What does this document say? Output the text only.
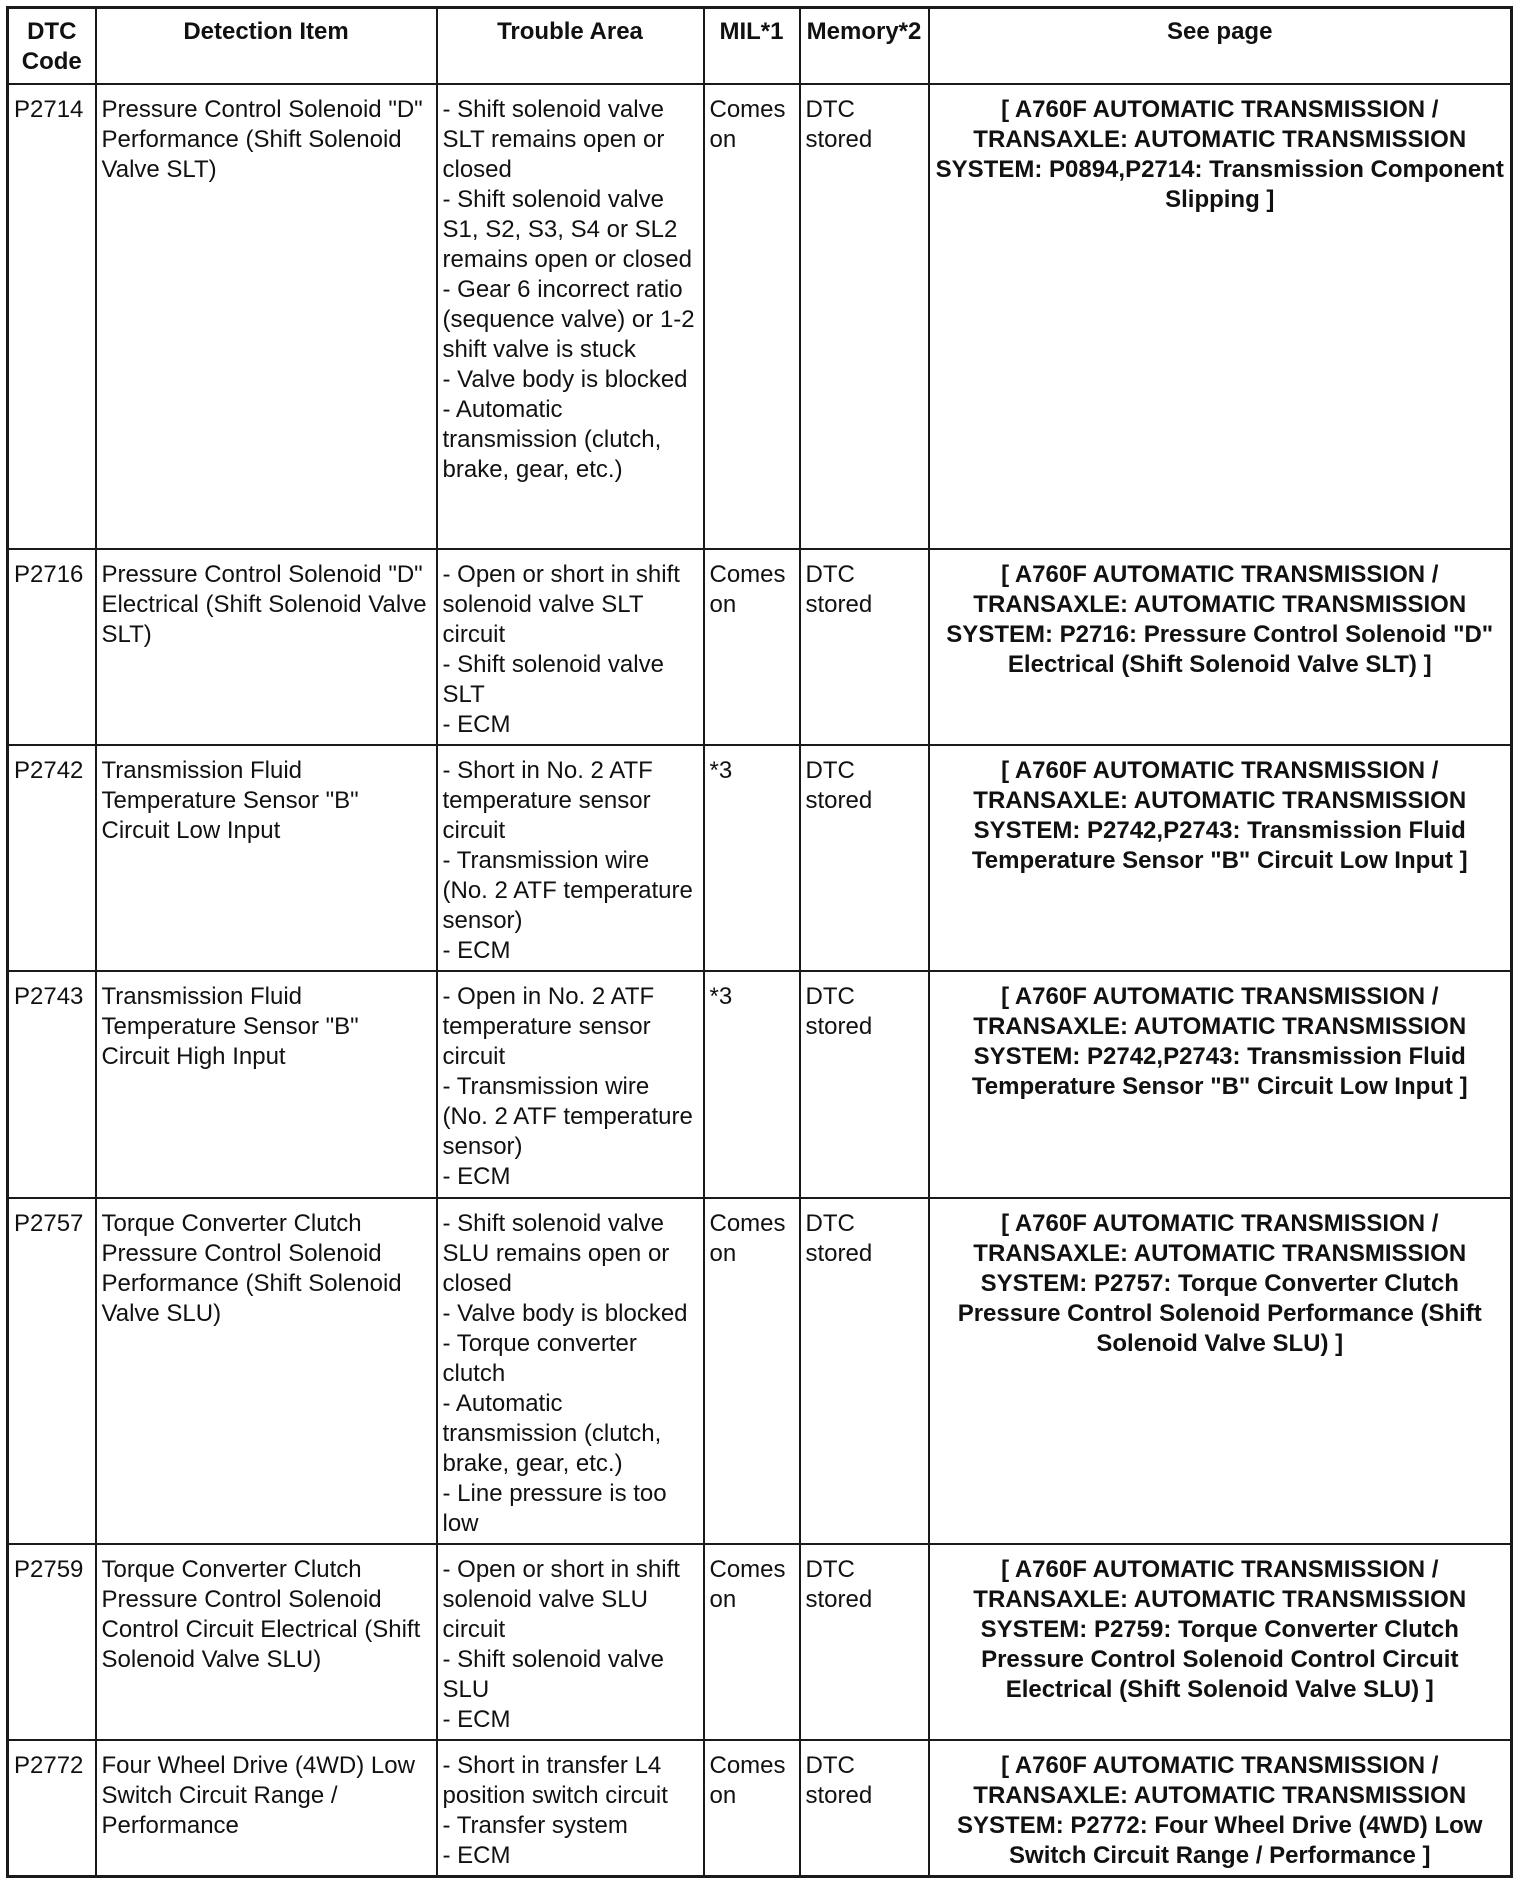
DTC Code	Detection Item	Trouble Area	MIL*1	Memory*2	See page
P2714	Pressure Control Solenoid "D" Performance (Shift Solenoid Valve SLT)	- Shift solenoid valve SLT remains open or closed
- Shift solenoid valve S1, S2, S3, S4 or SL2 remains open or closed
- Gear 6 incorrect ratio (sequence valve) or 1-2 shift valve is stuck
- Valve body is blocked
- Automatic transmission (clutch, brake, gear, etc.)	Comes on	DTC stored	[ A760F AUTOMATIC TRANSMISSION / TRANSAXLE: AUTOMATIC TRANSMISSION SYSTEM: P0894,P2714: Transmission Component Slipping ]
P2716	Pressure Control Solenoid "D" Electrical (Shift Solenoid Valve SLT)	- Open or short in shift solenoid valve SLT circuit
- Shift solenoid valve SLT
- ECM	Comes on	DTC stored	[ A760F AUTOMATIC TRANSMISSION / TRANSAXLE: AUTOMATIC TRANSMISSION SYSTEM: P2716: Pressure Control Solenoid "D" Electrical (Shift Solenoid Valve SLT) ]
P2742	Transmission Fluid Temperature Sensor "B" Circuit Low Input	- Short in No. 2 ATF temperature sensor circuit
- Transmission wire (No. 2 ATF temperature sensor)
- ECM	*3	DTC stored	[ A760F AUTOMATIC TRANSMISSION / TRANSAXLE: AUTOMATIC TRANSMISSION SYSTEM: P2742,P2743: Transmission Fluid Temperature Sensor "B" Circuit Low Input ]
P2743	Transmission Fluid Temperature Sensor "B" Circuit High Input	- Open in No. 2 ATF temperature sensor circuit
- Transmission wire (No. 2 ATF temperature sensor)
- ECM	*3	DTC stored	[ A760F AUTOMATIC TRANSMISSION / TRANSAXLE: AUTOMATIC TRANSMISSION SYSTEM: P2742,P2743: Transmission Fluid Temperature Sensor "B" Circuit Low Input ]
P2757	Torque Converter Clutch Pressure Control Solenoid Performance (Shift Solenoid Valve SLU)	- Shift solenoid valve SLU remains open or closed
- Valve body is blocked
- Torque converter clutch
- Automatic transmission (clutch, brake, gear, etc.)
- Line pressure is too low	Comes on	DTC stored	[ A760F AUTOMATIC TRANSMISSION / TRANSAXLE: AUTOMATIC TRANSMISSION SYSTEM: P2757: Torque Converter Clutch Pressure Control Solenoid Performance (Shift Solenoid Valve SLU) ]
P2759	Torque Converter Clutch Pressure Control Solenoid Control Circuit Electrical (Shift Solenoid Valve SLU)	- Open or short in shift solenoid valve SLU circuit
- Shift solenoid valve SLU
- ECM	Comes on	DTC stored	[ A760F AUTOMATIC TRANSMISSION / TRANSAXLE: AUTOMATIC TRANSMISSION SYSTEM: P2759: Torque Converter Clutch Pressure Control Solenoid Control Circuit Electrical (Shift Solenoid Valve SLU) ]
P2772	Four Wheel Drive (4WD) Low Switch Circuit Range / Performance	- Short in transfer L4 position switch circuit
- Transfer system
- ECM	Comes on	DTC stored	[ A760F AUTOMATIC TRANSMISSION / TRANSAXLE: AUTOMATIC TRANSMISSION SYSTEM: P2772: Four Wheel Drive (4WD) Low Switch Circuit Range / Performance ]
